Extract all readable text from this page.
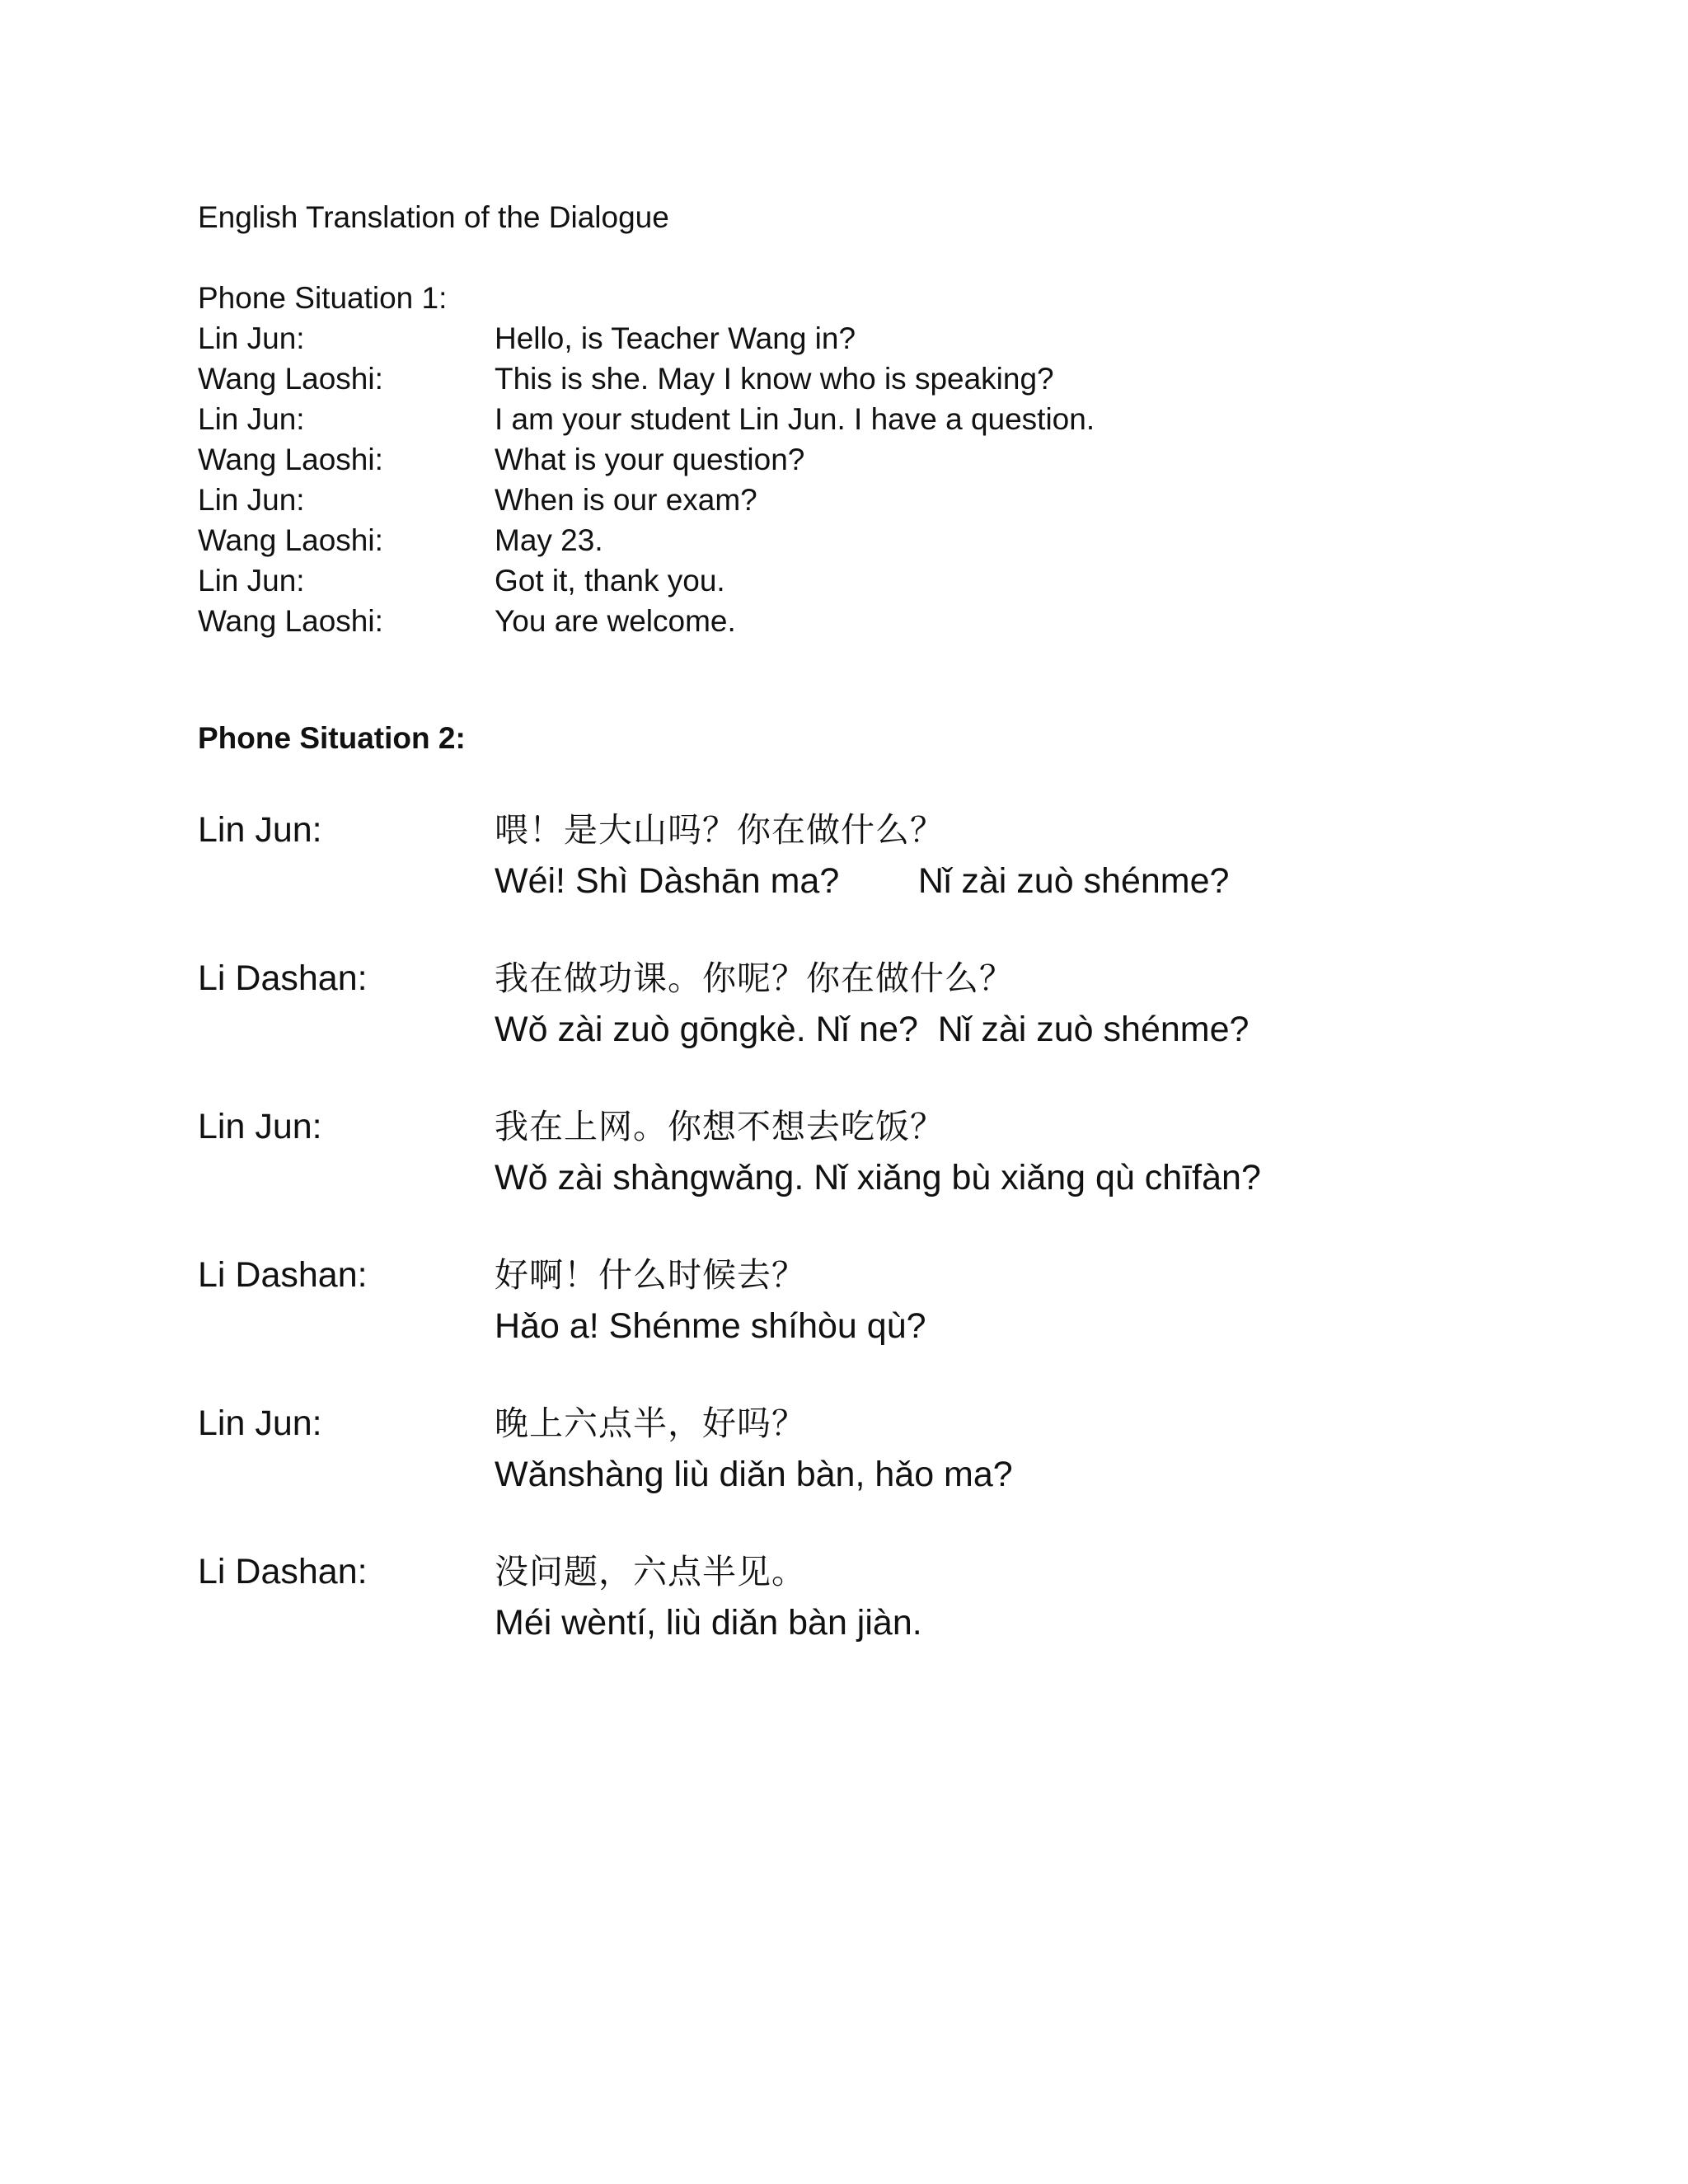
English Translation of the Dialogue
Phone Situation 1:
Lin Jun:	Hello, is Teacher Wang in?
Wang Laoshi:	This is she. May I know who is speaking?
Lin Jun:	I am your student Lin Jun. I have a question.
Wang Laoshi:	What is your question?
Lin Jun:	When is our exam?
Wang Laoshi:	May 23.
Lin Jun:	Got it, thank you.
Wang Laoshi:	You are welcome.
Phone Situation 2:
Lin Jun:	喂！是大山吗？你在做什么？
Wéi! Shì Dàshān ma?        Nǐ zài zuò shénme?
Li Dashan:	我在做功课。你呢？你在做什么？
Wǒ zài zuò gōngkè. Nǐ ne?  Nǐ zài zuò shénme?
Lin Jun:	我在上网。你想不想去吃饭？
Wǒ zài shàngwǎng. Nǐ xiǎng bù xiǎng qù chīfàn?
Li Dashan:	好啊！什么时候去？
Hǎo a! Shénme shíhòu qù?
Lin Jun:	晚上六点半，好吗？
Wǎnshàng liù diǎn bàn, hǎo ma?
Li Dashan:	没问题，六点半见。
Méi wèntí, liù diǎn bàn jiàn.
